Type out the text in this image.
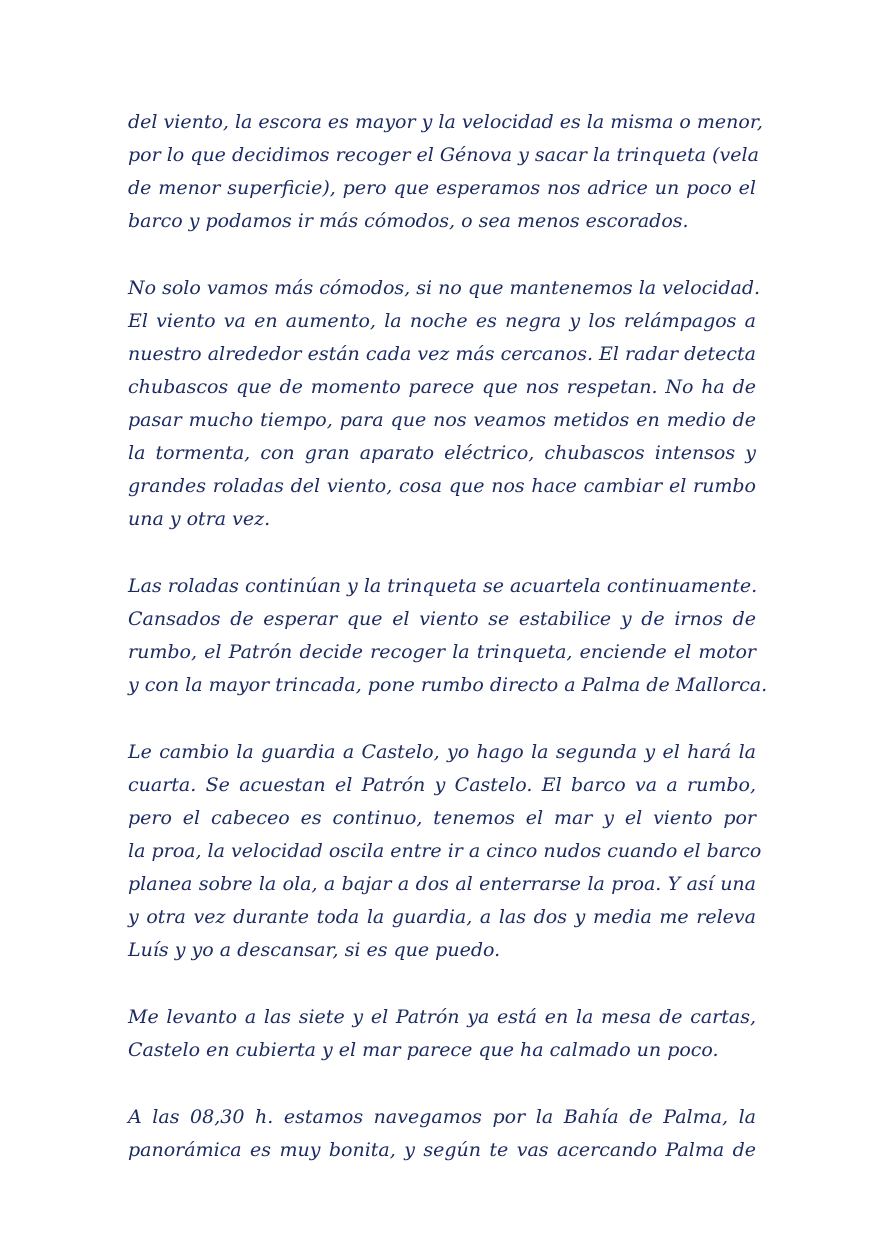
del viento, la escora es mayor y la velocidad es la misma o menor,
por lo que decidimos recoger el Génova y sacar la trinqueta (vela
de menor superficie), pero que esperamos nos adrice un poco el
barco y podamos ir más cómodos, o sea menos escorados.
No solo vamos más cómodos, si no que mantenemos la velocidad.
El viento va en aumento, la noche es negra y los relámpagos a
nuestro alrededor están cada vez más cercanos. El radar detecta
chubascos que de momento parece que nos respetan. No ha de
pasar mucho tiempo, para que nos veamos metidos en medio de
la tormenta, con gran aparato eléctrico, chubascos intensos y
grandes roladas del viento, cosa que nos hace cambiar el rumbo
una y otra vez.
Las roladas continúan y la trinqueta se acuartela continuamente.
Cansados de esperar que el viento se estabilice y de irnos de
rumbo, el Patrón decide recoger la trinqueta, enciende el motor
y con la mayor trincada, pone rumbo directo a Palma de Mallorca.
Le cambio la guardia a Castelo, yo hago la segunda y el hará la
cuarta. Se acuestan el Patrón y Castelo. El barco va a rumbo,
pero el cabeceo es continuo, tenemos el mar y el viento por
la proa, la velocidad oscila entre ir a cinco nudos cuando el barco
planea sobre la ola, a bajar a dos al enterrarse la proa. Y así una
y otra vez durante toda la guardia, a las dos y media me releva
Luís y yo a descansar, si es que puedo.
Me levanto a las siete y el Patrón ya está en la mesa de cartas,
Castelo en cubierta y el mar parece que ha calmado un poco.
A las 08,30 h. estamos navegamos por la Bahía de Palma, la
panorámica es muy bonita, y según te vas acercando Palma de
